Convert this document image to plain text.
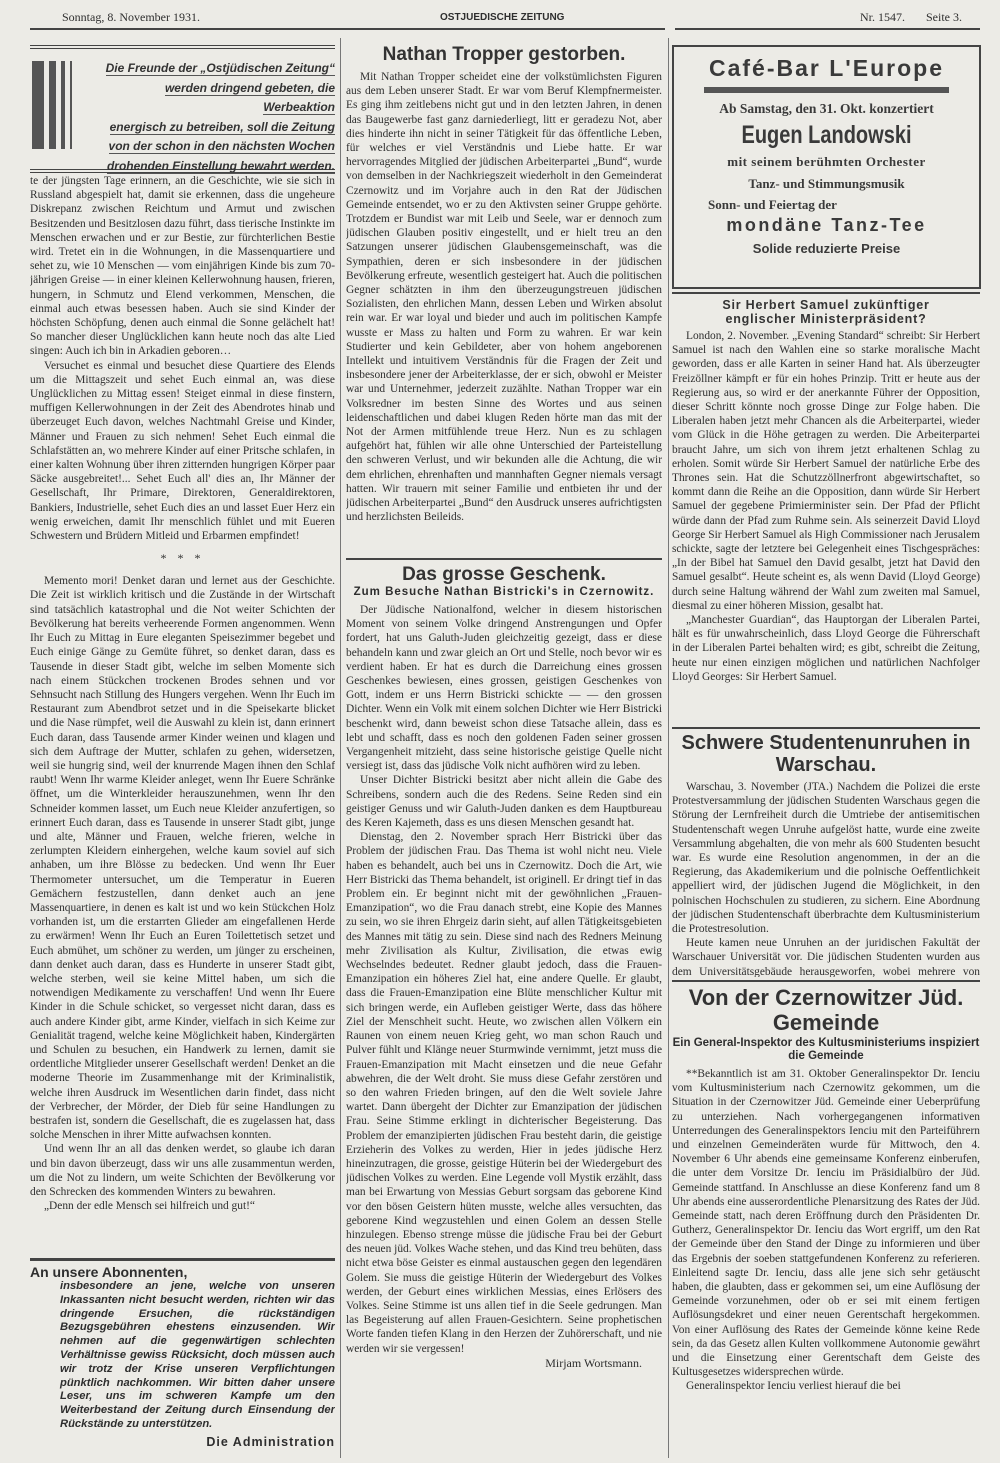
Sonntag, 8. November 1931.	OSTJUEDISCHE ZEITUNG	Nr. 1547. Seite 3.
Die Freunde der „Ostjüdischen Zeitung“
werden dringend gebeten, die Werbeaktion
energisch zu betreiben, soll die Zeitung
von der schon in den nächsten Wochen
drohenden Einstellung bewahrt werden.

te der jüngsten Tage erinnern, an die Geschichte, wie sie sich in Russland abgespielt hat, damit sie erkennen, dass die ungeheure Diskrepanz zwischen Reichtum und Armut und zwischen Besitzenden und Besitzlosen dazu führt, dass tierische Instinkte im Menschen erwachen und er zur Bestie, zur fürchterlichen Bestie wird. Tretet ein in die Wohnungen, in die Massenquartiere und sehet zu, wie 10 Menschen — vom einjährigen Kinde bis zum 70-jährigen Greise — in einer kleinen Kellerwohnung hausen, frieren, hungern, in Schmutz und Elend verkommen, Menschen, die einmal auch etwas besessen haben. Auch sie sind Kinder der höchsten Schöpfung, denen auch einmal die Sonne gelächelt hat! So mancher dieser Unglücklichen kann heute noch das alte Lied singen: Auch ich bin in Arkadien geboren…

Versuchet es einmal und besuchet diese Quartiere des Elends um die Mittagszeit und sehet Euch einmal an, was diese Unglücklichen zu Mittag essen! Steiget einmal in diese finstern, muffigen Kellerwohnungen in der Zeit des Abendrotes hinab und überzeuget Euch davon, welches Nachtmahl Greise und Kinder, Männer und Frauen zu sich nehmen! Sehet Euch einmal die Schlafstätten an, wo mehrere Kinder auf einer Pritsche schlafen, in einer kalten Wohnung über ihren zitternden hungrigen Körper paar Säcke ausgebreitet!... Sehet Euch all' dies an, Ihr Männer der Gesellschaft, Ihr Primare, Direktoren, Generaldirektoren, Bankiers, Industrielle, sehet Euch dies an und lasset Euer Herz ein wenig erweichen, damit Ihr menschlich fühlet und mit Eueren Schwestern und Brüdern Mitleid und Erbarmen empfindet!

* * *

Memento mori! Denket daran und lernet aus der Geschichte. Die Zeit ist wirklich kritisch und die Zustände in der Wirtschaft sind tatsächlich katastrophal und die Not weiter Schichten der Bevölkerung hat bereits verheerende Formen angenommen. Wenn Ihr Euch zu Mittag in Eure eleganten Speisezimmer begebet und Euch einige Gänge zu Gemüte führet, so denket daran, dass es Tausende in dieser Stadt gibt, welche im selben Momente sich nach einem Stückchen trockenen Brodes sehnen und vor Sehnsucht nach Stillung des Hungers vergehen. Wenn Ihr Euch im Restaurant zum Abendbrot setzet und in die Speisekarte blicket und die Nase rümpfet, weil die Auswahl zu klein ist, dann erinnert Euch daran, dass Tausende armer Kinder weinen und klagen und sich dem Auftrage der Mutter, schlafen zu gehen, widersetzen, weil sie hungrig sind, weil der knurrende Magen ihnen den Schlaf raubt! Wenn Ihr warme Kleider anleget, wenn Ihr Euere Schränke öffnet, um die Winterkleider herauszunehmen, wenn Ihr den Schneider kommen lasset, um Euch neue Kleider anzufertigen, so erinnert Euch daran, dass es Tausende in unserer Stadt gibt, junge und alte, Männer und Frauen, welche frieren, welche in zerlumpten Kleidern einhergehen, welche kaum soviel auf sich anhaben, um ihre Blösse zu bedecken. Und wenn Ihr Euer Thermometer untersuchet, um die Temperatur in Eueren Gemächern festzustellen, dann denket auch an jene Massenquartiere, in denen es kalt ist und wo kein Stückchen Holz vorhanden ist, um die erstarrten Glieder am eingefallenen Herde zu erwärmen! Wenn Ihr Euch an Euren Toilettetisch setzet und Euch abmühet, um schöner zu werden, um jünger zu erscheinen, dann denket auch daran, dass es Hunderte in unserer Stadt gibt, welche sterben, weil sie keine Mittel haben, um sich die notwendigen Medikamente zu verschaffen! Und wenn Ihr Euere Kinder in die Schule schicket, so vergesset nicht daran, dass es auch andere Kinder gibt, arme Kinder, vielfach in sich Keime zur Genialität tragend, welche keine Möglichkeit haben, Kindergärten und Schulen zu besuchen, ein Handwerk zu lernen, damit sie ordentliche Mitglieder unserer Gesellschaft werden! Denket an die moderne Theorie im Zusammenhange mit der Kriminalistik, welche ihren Ausdruck im Wesentlichen darin findet, dass nicht der Verbrecher, der Mörder, der Dieb für seine Handlungen zu bestrafen ist, sondern die Gesellschaft, die es zugelassen hat, dass solche Menschen in ihrer Mitte aufwachsen konnten.

Und wenn Ihr an all das denken werdet, so glaube ich daran und bin davon überzeugt, dass wir uns alle zusammentun werden, um die Not zu lindern, um weite Schichten der Bevölkerung vor den Schrecken des kommenden Winters zu bewahren.

„Denn der edle Mensch sei hilfreich und gut!“

An unsere Abonnenten,

insbesondere an jene, welche von unseren Inkassanten nicht besucht werden, richten wir das dringende Ersuchen, die rückständigen Bezugsgebühren ehestens einzusenden. Wir nehmen auf die gegenwärtigen schlechten Verhältnisse gewiss Rücksicht, doch müssen auch wir trotz der Krise unseren Verpflichtungen pünktlich nachkommen. Wir bitten daher unsere Leser, uns im schweren Kampfe um den Weiterbestand der Zeitung durch Einsendung der Rückstände zu unterstützen.

Die Administration
Nathan Tropper gestorben.

Mit Nathan Tropper scheidet eine der volkstümlichsten Figuren aus dem Leben unserer Stadt. Er war vom Beruf Klempfnermeister. Es ging ihm zeitlebens nicht gut und in den letzten Jahren, in denen das Baugewerbe fast ganz darniederliegt, litt er geradezu Not, aber dies hinderte ihn nicht in seiner Tätigkeit für das öffentliche Leben, für welches er viel Verständnis und Liebe hatte. Er war hervorragendes Mitglied der jüdischen Arbeiterpartei „Bund“, wurde von demselben in der Nachkriegszeit wiederholt in den Gemeinderat Czernowitz und im Vorjahre auch in den Rat der Jüdischen Gemeinde entsendet, wo er zu den Aktivsten seiner Gruppe gehörte. Trotzdem er Bundist war mit Leib und Seele, war er dennoch zum jüdischen Glauben positiv eingestellt, und er hielt treu an den Satzungen unserer jüdischen Glaubensgemeinschaft, was die Sympathien, deren er sich insbesondere in der jüdischen Bevölkerung erfreute, wesentlich gesteigert hat. Auch die politischen Gegner schätzten in ihm den überzeugungstreuen jüdischen Sozialisten, den ehrlichen Mann, dessen Leben und Wirken absolut rein war. Er war loyal und bieder und auch im politischen Kampfe wusste er Mass zu halten und Form zu wahren. Er war kein Studierter und kein Gebildeter, aber von hohem angeborenen Intellekt und intuitivem Verständnis für die Fragen der Zeit und insbesondere jener der Arbeiterklasse, der er sich, obwohl er Meister war und Unternehmer, jederzeit zuzählte. Nathan Tropper war ein Volksredner im besten Sinne des Wortes und aus seinen leidenschaftlichen und dabei klugen Reden hörte man das mit der Not der Armen mitfühlende treue Herz. Nun es zu schlagen aufgehört hat, fühlen wir alle ohne Unterschied der Parteistellung den schweren Verlust, und wir bekunden alle die Achtung, die wir dem ehrlichen, ehrenhaften und mannhaften Gegner niemals versagt hatten. Wir trauern mit seiner Familie und entbieten ihr und der jüdischen Arbeiterpartei „Bund“ den Ausdruck unseres aufrichtigsten und herzlichsten Beileids.

Das grosse Geschenk.
Zum Besuche Nathan Bistricki's in Czernowitz.

Der Jüdische Nationalfond, welcher in diesem historischen Moment von seinem Volke dringend Anstrengungen und Opfer fordert, hat uns Galuth-Juden gleichzeitig gezeigt, dass er diese behandeln kann und zwar gleich an Ort und Stelle, noch bevor wir es verdient haben. Er hat es durch die Darreichung eines grossen Geschenkes bewiesen, eines grossen, geistigen Geschenkes von Gott, indem er uns Herrn Bistricki schickte — — den grossen Dichter. Wenn ein Volk mit einem solchen Dichter wie Herr Bistricki beschenkt wird, dann beweist schon diese Tatsache allein, dass es lebt und schafft, dass es noch den goldenen Faden seiner grossen Vergangenheit mitzieht, dass seine historische geistige Quelle nicht versiegt ist, dass das jüdische Volk nicht aufhören wird zu leben.

Unser Dichter Bistricki besitzt aber nicht allein die Gabe des Schreibens, sondern auch die des Redens. Seine Reden sind ein geistiger Genuss und wir Galuth-Juden danken es dem Hauptbureau des Keren Kajemeth, dass es uns diesen Menschen gesandt hat.

Dienstag, den 2. November sprach Herr Bistricki über das Problem der jüdischen Frau. Das Thema ist wohl nicht neu. Viele haben es behandelt, auch bei uns in Czernowitz. Doch die Art, wie Herr Bistricki das Thema behandelt, ist originell. Er dringt tief in das Problem ein. Er beginnt nicht mit der gewöhnlichen „Frauen-Emanzipation“, wo die Frau danach strebt, eine Kopie des Mannes zu sein, wo sie ihren Ehrgeiz darin sieht, auf allen Tätigkeitsgebieten des Mannes mit tätig zu sein. Diese sind nach des Redners Meinung mehr Zivilisation als Kultur, Zivilisation, die etwas ewig Wechselndes bedeutet. Redner glaubt jedoch, dass die Frauen-Emanzipation ein höheres Ziel hat, eine andere Quelle. Er glaubt, dass die Frauen-Emanzipation eine Blüte menschlicher Kultur mit sich bringen werde, ein Aufleben geistiger Werte, dass das höhere Ziel der Menschheit sucht. Heute, wo zwischen allen Völkern ein Raunen von einem neuen Krieg geht, wo man schon Rauch und Pulver fühlt und Klänge neuer Sturmwinde vernimmt, jetzt muss die Frauen-Emanzipation mit Macht einsetzen und die neue Gefahr abwehren, die der Welt droht. Sie muss diese Gefahr zerstören und so den wahren Frieden bringen, auf den die Welt soviele Jahre wartet. Dann übergeht der Dichter zur Emanzipation der jüdischen Frau. Seine Stimme erklingt in dichterischer Begeisterung. Das Problem der emanzipierten jüdischen Frau besteht darin, die geistige Erzieherin des Volkes zu werden, Hier in jedes jüdische Herz hineinzutragen, die grosse, geistige Hüterin bei der Wiedergeburt des jüdischen Volkes zu werden. Eine Legende voll Mystik erzählt, dass man bei Erwartung von Messias Geburt sorgsam das geborene Kind vor den bösen Geistern hüten musste, welche alles versuchten, das geborene Kind wegzustehlen und einen Golem an dessen Stelle hinzulegen. Ebenso strenge müsse die jüdische Frau bei der Geburt des neuen jüd. Volkes Wache stehen, und das Kind treu behüten, dass nicht etwa böse Geister es einmal austauschen gegen den legendären Golem. Sie muss die geistige Hüterin der Wiedergeburt des Volkes werden, der Geburt eines wirklichen Messias, eines Erlösers des Volkes. Seine Stimme ist uns allen tief in die Seele gedrungen. Man las Begeisterung auf allen Frauen-Gesichtern. Seine prophetischen Worte fanden tiefen Klang in den Herzen der Zuhörerschaft, und nie werden wir sie vergessen!

Mirjam Wortsmann.
Café-Bar L'Europe
Ab Samstag, den 31. Okt. konzertiert
Eugen Landowski
mit seinem berühmten Orchester
Tanz- und Stimmungsmusik
Sonn- und Feiertag der
mondäne Tanz-Tee
Solide reduzierte Preise
Sir Herbert Samuel zukünftiger englischer Ministerpräsident?

London, 2. November. „Evening Standard“ schreibt: Sir Herbert Samuel ist nach den Wahlen eine so starke moralische Macht geworden, dass er alle Karten in seiner Hand hat. Als überzeugter Freizöllner kämpft er für ein hohes Prinzip. Tritt er heute aus der Regierung aus, so wird er der anerkannte Führer der Opposition, dieser Schritt könnte noch grosse Dinge zur Folge haben. Die Liberalen haben jetzt mehr Chancen als die Arbeiterpartei, wieder vom Glück in die Höhe getragen zu werden. Die Arbeiterpartei braucht Jahre, um sich von ihrem jetzt erhaltenen Schlag zu erholen. Somit würde Sir Herbert Samuel der natürliche Erbe des Thrones sein. Hat die Schutzzöllnerfront abgewirtschaftet, so kommt dann die Reihe an die Opposition, dann würde Sir Herbert Samuel der gegebene Primierminister sein. Der Pfad der Pflicht würde dann der Pfad zum Ruhme sein. Als seinerzeit David Lloyd George Sir Herbert Samuel als High Commissioner nach Jerusalem schickte, sagte der letztere bei Gelegenheit eines Tischgespräches: „In der Bibel hat Samuel den David gesalbt, jetzt hat David den Samuel gesalbt“. Heute scheint es, als wenn David (Lloyd George) durch seine Haltung während der Wahl zum zweiten mal Samuel, diesmal zu einer höheren Mission, gesalbt hat.

„Manchester Guardian“, das Hauptorgan der Liberalen Partei, hält es für unwahrscheinlich, dass Lloyd George die Führerschaft in der Liberalen Partei behalten wird; es gibt, schreibt die Zeitung, heute nur einen einzigen möglichen und natürlichen Nachfolger Lloyd Georges: Sir Herbert Samuel.

Schwere Studentenunruhen in Warschau.

Warschau, 3. November (JTA.) Nachdem die Polizei die erste Protestversammlung der jüdischen Studenten Warschaus gegen die Störung der Lernfreiheit durch die Umtriebe der antisemitischen Studentenschaft wegen Unruhe aufgelöst hatte, wurde eine zweite Versammlung abgehalten, die von mehr als 600 Studenten besucht war. Es wurde eine Resolution angenommen, in der an die Regierung, das Akademikerium und die polnische Oeffentlichkeit appelliert wird, der jüdischen Jugend die Möglichkeit, in den polnischen Hochschulen zu studieren, zu sichern. Eine Abordnung der jüdischen Studentenschaft überbrachte dem Kultusministerium die Protestresolution.

Heute kamen neue Unruhen an der juridischen Fakultät der Warschauer Universität vor. Die jüdischen Studenten wurden aus dem Universitätsgebäude herausgeworfen, wobei mehrere von

Von der Czernowitzer Jüd. Gemeinde
Ein General-Inspektor des Kultusministeriums inspiziert die Gemeinde

**Bekanntlich ist am 31. Oktober Generalinspektor Dr. Ienciu vom Kultusministerium nach Czernowitz gekommen, um die Situation in der Czernowitzer Jüd. Gemeinde einer Ueberprüfung zu unterziehen. Nach vorhergegangenen informativen Unterredungen des Generalinspektors Ienciu mit den Parteiführern und einzelnen Gemeinderäten wurde für Mittwoch, den 4. November 6 Uhr abends eine gemeinsame Konferenz einberufen, die unter dem Vorsitze Dr. Ienciu im Präsidialbüro der Jüd. Gemeinde stattfand. In Anschlusse an diese Konferenz fand um 8 Uhr abends eine ausserordentliche Plenarsitzung des Rates der Jüd. Gemeinde statt, nach deren Eröffnung durch den Präsidenten Dr. Gutherz, Generalinspektor Dr. Ienciu das Wort ergriff, um den Rat der Gemeinde über den Stand der Dinge zu informieren und über das Ergebnis der soeben stattgefundenen Konferenz zu referieren. Einleitend sagte Dr. Ienciu, dass alle jene sich sehr getäuscht haben, die glaubten, dass er gekommen sei, um eine Auflösung der Gemeinde vorzunehmen, oder ob er sei mit einem fertigen Auflösungsdekret und einer neuen Gerentschaft hergekommen. Von einer Auflösung des Rates der Gemeinde könne keine Rede sein, da das Gesetz allen Kulten vollkommene Autonomie gewährt und die Einsetzung einer Gerentschaft dem Geiste des Kultusgesetzes widersprechen würde.

Generalinspektor Ienciu verliest hierauf die bei
